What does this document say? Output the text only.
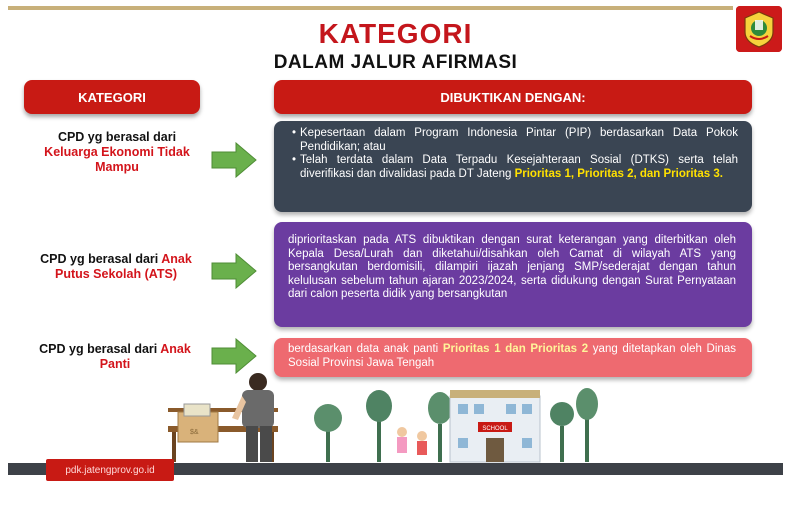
KATEGORI
DALAM JALUR AFIRMASI
KATEGORI	DIBUKTIKAN DENGAN:
CPD yg berasal dari
Keluarga Ekonomi Tidak Mampu
• Kepesertaan dalam Program Indonesia Pintar (PIP) berdasarkan Data Pokok Pendidikan; atau
• Telah terdata dalam Data Terpadu Kesejahteraan Sosial (DTKS) serta telah diverifikasi dan divalidasi pada DT Jateng Prioritas 1, Prioritas 2, dan Prioritas 3.
CPD yg berasal dari Anak Putus Sekolah (ATS)
diprioritaskan pada ATS dibuktikan dengan surat keterangan yang diterbitkan oleh Kepala Desa/Lurah dan diketahui/disahkan oleh Camat di wilayah ATS yang bersangkutan berdomisili, dilampiri ijazah jenjang SMP/sederajat dengan tahun kelulusan sebelum tahun ajaran 2023/2024, serta didukung dengan Surat Pernyataan dari calon peserta didik yang bersangkutan
CPD yg berasal dari Anak Panti
berdasarkan data anak panti Prioritas 1 dan Prioritas 2 yang ditetapkan oleh Dinas Sosial Provinsi Jawa Tengah
$&	SCHOOL
pdk.jatengprov.go.id
